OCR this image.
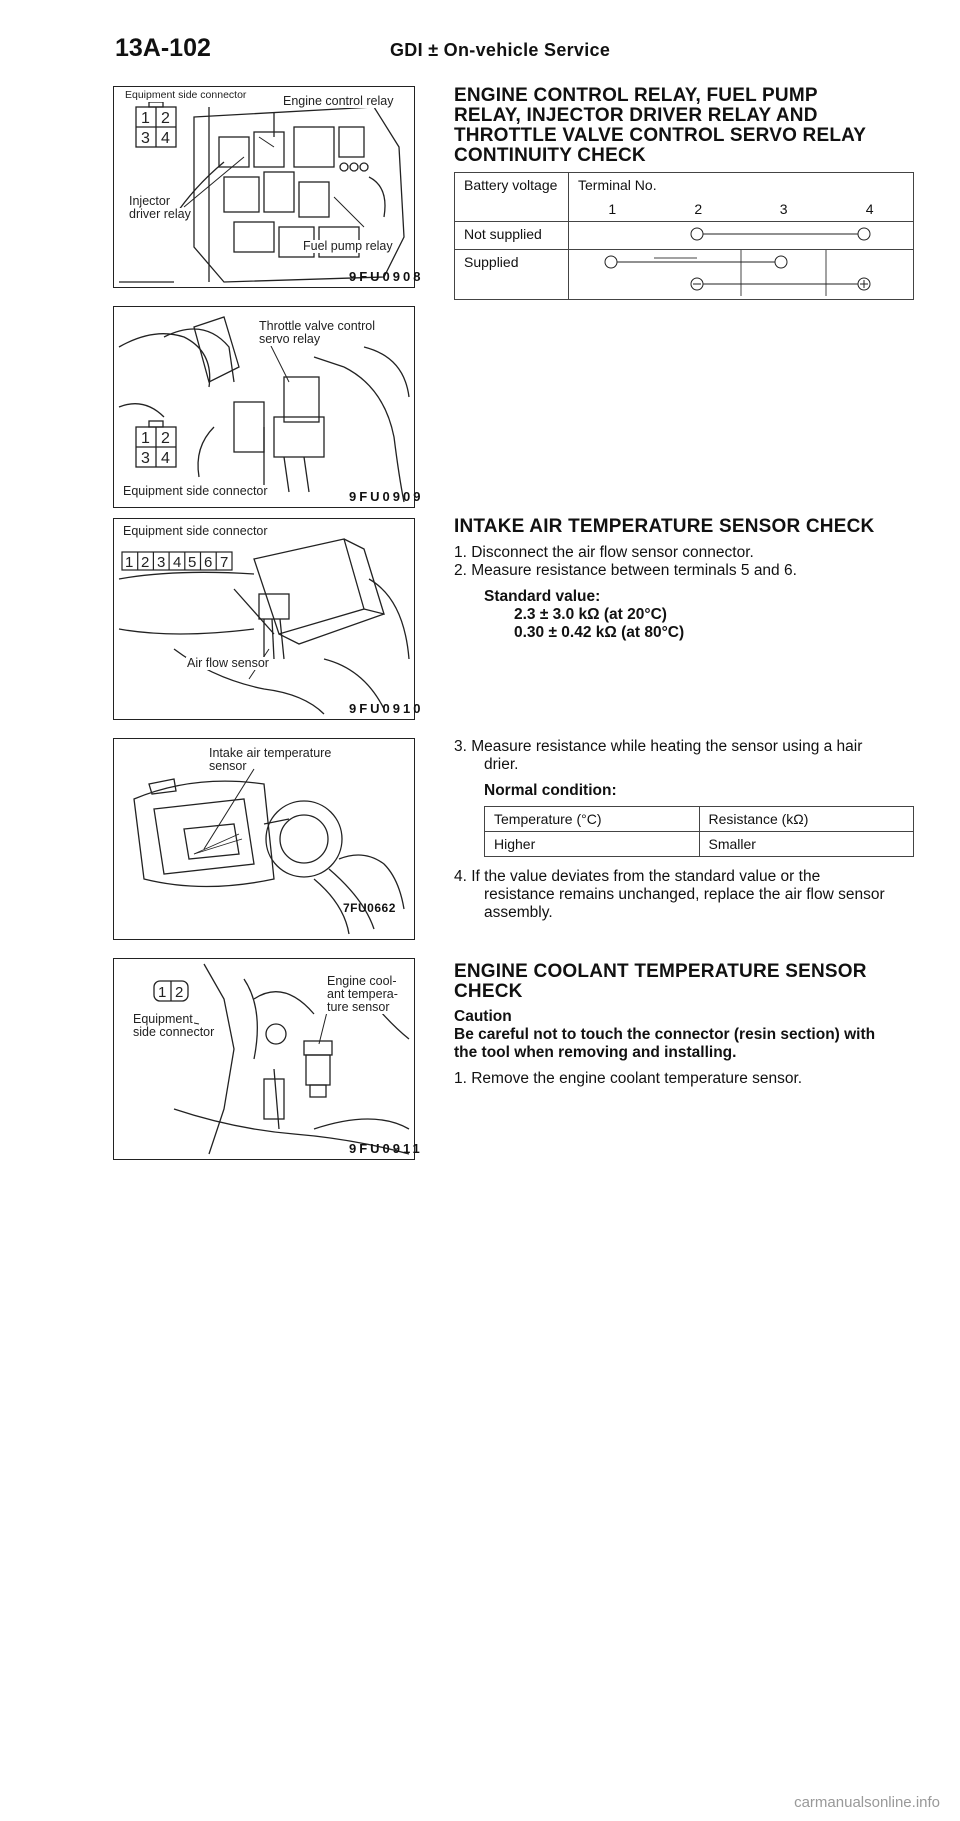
13A-102	GDI ± On-vehicle Service
1 2
3 4
Equipment side connector	Engine control relay
Injector
driver relay
Fuel pump relay
9FU0908
1 2
3 4
Throttle valve control
servo relay
Equipment side connector	9FU0909
1 2 3 4 5 6 7
Equipment side connector
Air flow sensor
9FU0910
Intake air temperature
sensor
7FU0662
1 2
Engine cool-
ant tempera-
ture sensor
Equipment
side connector
9FU0911
ENGINE CONTROL RELAY, FUEL PUMP
RELAY, INJECTOR DRIVER RELAY AND
THROTTLE VALVE CONTROL SERVO RELAY
CONTINUITY CHECK
Battery voltage	Terminal No.			
	1	2	3	4
Not supplied	
Supplied	
INTAKE AIR TEMPERATURE SENSOR CHECK
1. Disconnect the air flow sensor connector.
2. Measure resistance between terminals 5 and 6.
Standard value:
2.3 ± 3.0 kΩ (at 20°C)
0.30 ± 0.42 kΩ (at 80°C)
3. Measure resistance while heating the sensor using a hair
drier.
Normal condition:
Temperature (°C)	Resistance (kΩ)
Higher	Smaller
4. If the value deviates from the standard value or the
resistance remains unchanged, replace the air flow sensor
assembly.
ENGINE COOLANT TEMPERATURE SENSOR
CHECK
Caution
Be careful not to touch the connector (resin section) with
the tool when removing and installing.
1. Remove the engine coolant temperature sensor.
carmanualsonline.info
